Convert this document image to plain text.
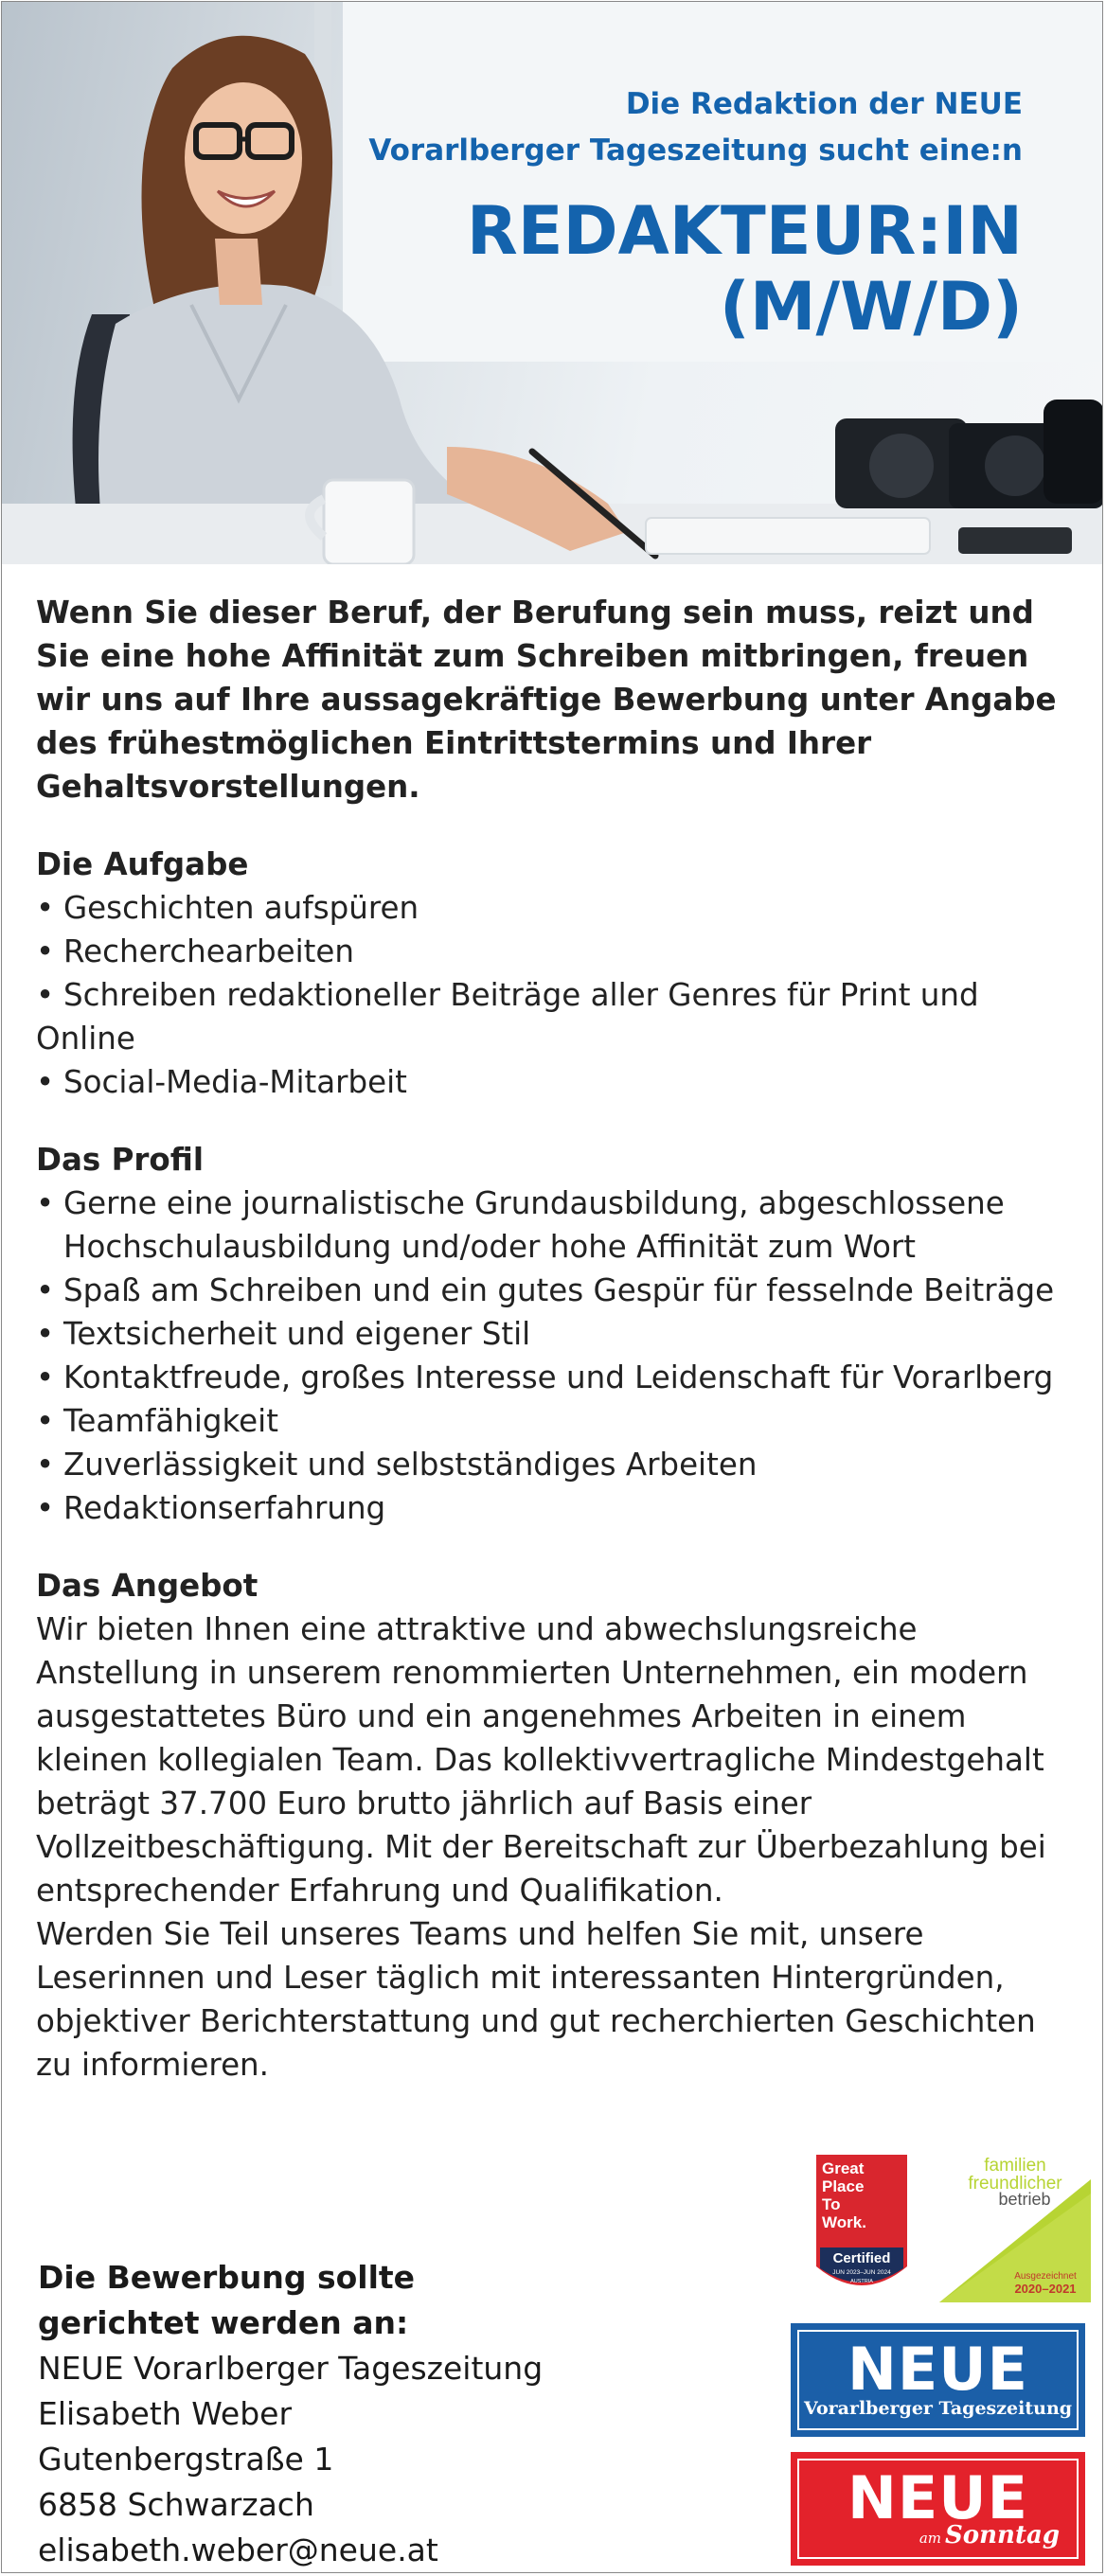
Die Redaktion der NEUE

Vorarlberger Tageszeitung sucht eine:n

REDAKTEUR:IN

(M/W/D)

Wenn Sie dieser Beruf, der Berufung sein muss, reizt und Sie eine hohe Affinität zum Schreiben mitbringen, freuen wir uns auf Ihre aussagekräftige Bewerbung unter Angabe des frühestmöglichen Eintrittstermins und Ihrer Gehaltsvorstellungen.

Die Aufgabe

• Geschichten aufspüren
• Recherchearbeiten
• Schreiben redaktioneller Beiträge aller Genres für Print und Online
• Social-Media-Mitarbeit

Das Profil

• Gerne eine journalistische Grundausbildung, abgeschlossene Hochschulausbildung und/oder hohe Affinität zum Wort
• Spaß am Schreiben und ein gutes Gespür für fesselnde Beiträge
• Textsicherheit und eigener Stil
• Kontaktfreude, großes Interesse und Leidenschaft für Vorarlberg
• Teamfähigkeit
• Zuverlässigkeit und selbstständiges Arbeiten
• Redaktionserfahrung

Das Angebot

Wir bieten Ihnen eine attraktive und abwechslungsreiche Anstellung in unserem renommierten Unternehmen, ein modern ausgestattetes Büro und ein angenehmes Arbeiten in einem kleinen kollegialen Team. Das kollektivvertragliche Mindestgehalt beträgt 37.700 Euro brutto jährlich auf Basis einer Vollzeitbeschäftigung. Mit der Bereitschaft zur Überbezahlung bei entsprechender Erfahrung und Qualifikation.

Werden Sie Teil unseres Teams und helfen Sie mit, unsere Leserinnen und Leser täglich mit interessanten Hintergründen, objektiver Berichterstattung und gut recherchierten Geschichten zu informieren.

Die Bewerbung sollte

gerichtet werden an:

NEUE Vorarlberger Tageszeitung

Elisabeth Weber

Gutenbergstraße 1

6858 Schwarzach

elisabeth.weber@neue.at

Great
Place
To
Work.
Certified
JUN 2023–JUN 2024
AUSTRIA
familien
freundlicher
betrieb
Ausgezeichnet
2020–2021
NEUE
Vorarlberger Tageszeitung
NEUE
am Sonntag
